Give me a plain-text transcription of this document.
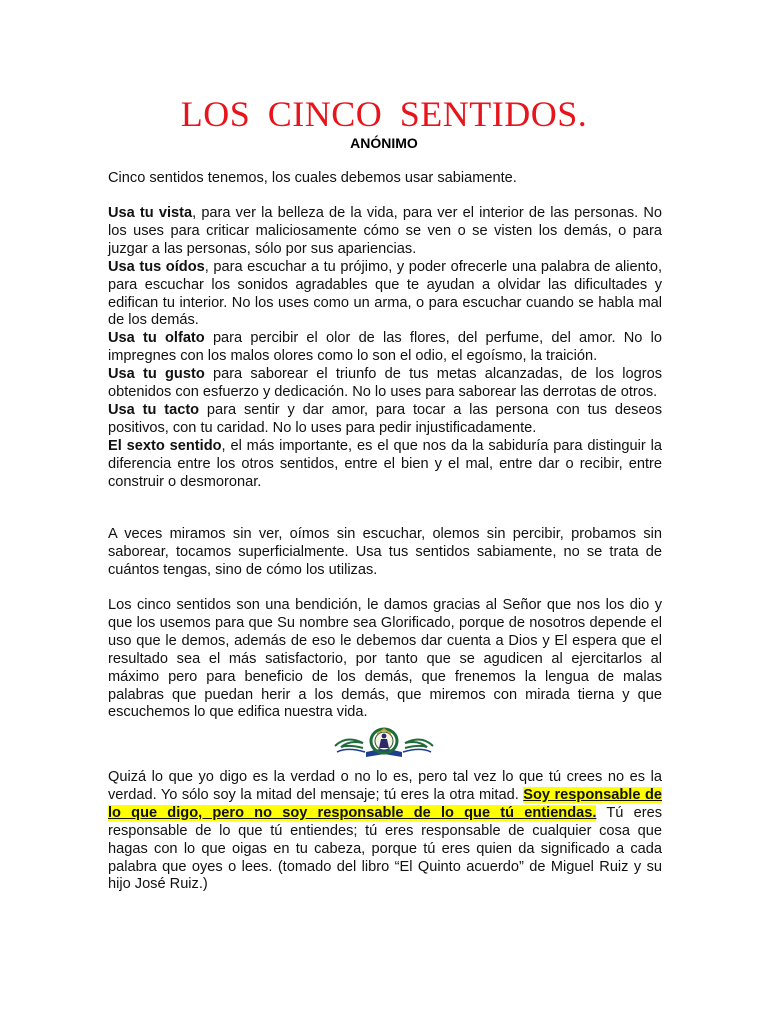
LOS CINCO SENTIDOS.
ANÓNIMO

Cinco sentidos tenemos, los cuales debemos usar sabiamente.

Usa tu vista, para ver la belleza de la vida, para ver el interior de las personas. No los uses para criticar maliciosamente cómo se ven o se visten los demás, o para juzgar a las personas, sólo por sus apariencias.

Usa tus oídos, para escuchar a tu prójimo, y poder ofrecerle una palabra de aliento, para escuchar los sonidos agradables que te ayudan a olvidar las dificultades y edifican tu interior. No los uses como un arma, o para escuchar cuando se habla mal de los demás.

Usa tu olfato para percibir el olor de las flores, del perfume, del amor. No lo impregnes con los malos olores como lo son el odio, el egoísmo, la traición.

Usa tu gusto para saborear el triunfo de tus metas alcanzadas, de los logros obtenidos con esfuerzo y dedicación. No lo uses para saborear las derrotas de otros.

Usa tu tacto para sentir y dar amor, para tocar a las persona con tus deseos positivos, con tu caridad. No lo uses para pedir injustificadamente.

El sexto sentido, el más importante, es el que nos da la sabiduría para distinguir la diferencia entre los otros sentidos, entre el bien y el mal, entre dar o recibir, entre construir o desmoronar.

A veces miramos sin ver, oímos sin escuchar, olemos sin percibir, probamos sin saborear, tocamos superficialmente. Usa tus sentidos sabiamente, no se trata de cuántos tengas, sino de cómo los utilizas.

Los cinco sentidos son una bendición, le damos gracias al Señor que nos los dio y que los usemos para que Su nombre sea Glorificado, porque de nosotros depende el uso que le demos, además de eso le debemos dar cuenta a Dios y El espera que el resultado sea el más satisfactorio, por tanto que se agudicen al ejercitarlos al máximo pero para beneficio de los demás, que frenemos la lengua de malas palabras que puedan herir a los demás, que miremos con mirada tierna y que escuchemos lo que edifica nuestra vida.

Quizá lo que yo digo es la verdad o no lo es, pero tal vez lo que tú crees no es la verdad. Yo sólo soy la mitad del mensaje; tú eres la otra mitad. Soy responsable de lo que digo, pero no soy responsable de lo que tú entiendas. Tú eres responsable de lo que tú entiendes; tú eres responsable de cualquier cosa que hagas con lo que oigas en tu cabeza, porque tú eres quien da significado a cada palabra que oyes o lees. (tomado del libro “El Quinto acuerdo” de Miguel Ruiz y su hijo José Ruiz.)
